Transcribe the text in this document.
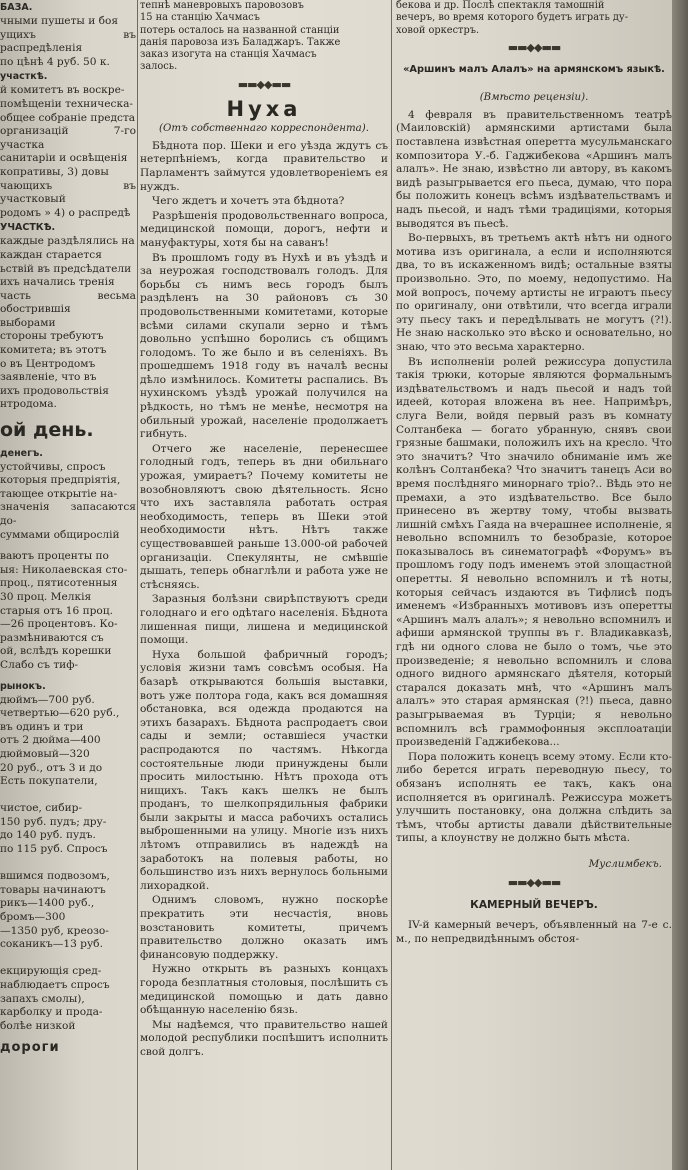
БАЗА.
чными пушеты и боя
ущихъ въ распредѣленія
по цѣнѣ 4 руб. 50 к.
участкѣ.
й комитетъ въ воскре-
помѣщеніи техническа-
общее собраніе предста
организацій 7-го участка
санитаріи и освѣщенія
копративы, 3) довы
чающихъ въ участковый
родомъ » 4) о распредѣ
УЧАСТКѢ.
каждые раздѣлялись на
каждан старается
ьствій въ предсѣдатели
ихъ начались тренія
часть весьма обострившія
выборами
стороны требуютъ
комитета; въ этотъ
о въ Центродомъ
заявленіе, что въ
ихъ продовольствія
нтродома.
ой день.
денегъ.
устойчивы, спросъ
которыя предпріятія,
тающее открытіе на-
значенія запасаются до-
суммами общирослій
ваютъ проценты по
ыя: Николаевская сто-
проц., пятисотенныя
30 проц. Мелкія
старыя отъ 16 проц.
—26 процентовъ. Ко-
размѣниваются съ
ой, вслѣдъ корешки
Слабо съ тиф-
рынокъ.
дюймъ—700 руб.
четвертью—620 руб.,
въ одинъ и три
отъ 2 дюйма—400
дюймовый—320
20 руб., отъ 3 и до
Есть покупатели,

чистое, сибир-
150 руб. пудъ; дру-
до 140 руб. пудъ.
по 115 руб. Спросъ

вшимся подвозомъ,
товары начинаютъ
рикъ—1400 руб.,
бромъ—300
—1350 руб, креозо-
соканикъ—13 руб.

екцирующія сред-
наблюдаетъ спросъ
запахъ смолы),
карболку и прода-
болѣе низкой
дороги
тепнѣ маневровыхъ паровозовъ
15 на станцію Хачмасъ
потерь осталось на названной станціи
данія паровоза изъ Баладжаръ. Также
заказ изогута на станція Хачмасъ
залось.
▬▬◆◆▬▬
Нуха
(Отъ собственнаго корреспондента).

Бѣднота пор. Шеки и его уѣзда ждутъ съ нетерпѣніемъ, когда правительство и Парламентъ займутся удовлетвореніемъ ея нуждъ.

Чего ждетъ и хочетъ эта бѣднота?

Разрѣшенія продовольственнаго вопроса, медицинской помощи, дорогъ, нефти и мануфактуры, хотя бы на саванъ!

Въ прошломъ году въ Нухѣ и въ уѣздѣ и за неурожая господствовалъ голодъ. Для борьбы съ нимъ весь городъ былъ раздѣленъ на 30 районовъ съ 30 продовольственными комитетами, которые всѣми силами скупали зерно и тѣмъ довольно успѣшно боролись съ общимъ голодомъ. То же было и въ селеніяхъ. Въ прошедшемъ 1918 году въ началѣ весны дѣло измѣнилось. Комитеты распались. Въ нухинскомъ уѣздѣ урожай получился на рѣдкость, но тѣмъ не менѣе, несмотря на обильный урожай, населеніе продолжаетъ гибнуть.

Отчего же населеніе, перенесшее голодный годъ, теперь въ дни обильнаго урожая, умираетъ? Почему комитеты не возобновляютъ свою дѣятельность. Ясно что ихъ заставляла работать острая необходимость, теперь въ Шеки этой необходимости нѣтъ. Нѣтъ также существовавшей раньше 13.000-ой рабочей организаціи. Спекулянты, не смѣвшіе дышать, теперь обнаглѣли и работа уже не стѣсняясь.

Заразныя болѣзни свирѣпствуютъ среди голоднаго и его одѣтаго населенія. Бѣднота лишенная пищи, лишена и медицинской помощи.

Нуха большой фабричный городъ; условія жизни тамъ совсѣмъ особыя. На базарѣ открываются большія выставки, вотъ уже полтора года, какъ вся домашняя обстановка, вся одежда продаются на этихъ базарахъ. Бѣднота распродаетъ свои сады и земли; оставшіеся участки распродаются по частямъ. Нѣкогда состоятельные люди принуждены были просить милостыню. Нѣтъ прохода отъ нищихъ. Такъ какъ шелкъ не былъ проданъ, то шелкопрядильныя фабрики были закрыты и масса рабочихъ остались выброшенными на улицу. Многіе изъ нихъ лѣтомъ отправились въ надеждѣ на заработокъ на полевыя работы, но большинство изъ нихъ вернулось больными лихорадкой.

Однимъ словомъ, нужно поскорѣе прекратить эти несчастія, вновь возстановить комитеты, причемъ правительство должно оказать имъ финансовую поддержку.

Нужно открыть въ разныхъ концахъ города безплатныя столовыя, послѣшить съ медицинской помощью и дать давно обѣщанную населенію бязь.

Мы надѣемся, что правительство нашей молодой республики поспѣшитъ исполнить свой долгъ.

бекова и др. Послѣ спектакля тамошній
вечеръ, во время которого будетъ играть ду-
ховой оркестръ.
▬▬◆◆▬▬
«Аршинъ малъ Алалъ» на армянскомъ языкѣ.
(Вмѣсто рецензіи).

4 февраля въ правительственномъ театрѣ (Маиловскій) армянскими артистами была поставлена извѣстная оперетта мусульманскаго композитора У.-б. Гаджибекова «Аршинъ малъ алалъ». Не знаю, извѣстно ли автору, въ какомъ видѣ разыгрывается его пьеса, думаю, что пора бы положить конецъ всѣмъ издѣвательствамъ и надъ пьесой, и надъ тѣми традиціями, которыя выводятся въ пьесѣ.

Во-первыхъ, въ третьемъ актѣ нѣтъ ни одного мотива изъ оригинала, а если и исполняются два, то въ искаженномъ видѣ; остальные взяты произвольно. Это, по моему, недопустимо. На мой вопросъ, почему артисты не играютъ пьесу по оригиналу, они отвѣтили, что всегда играли эту пьесу такъ и передѣлывать не могутъ (?!). Не знаю насколько это вѣско и основательно, но знаю, что это весьма характерно.

Въ исполненіи ролей режиссура допустила такія трюки, которые являются формальнымъ издѣвательствомъ и надъ пьесой и надъ той идеей, которая вложена въ нее. Напримѣръ, слуга Вели, войдя первый разъ въ комнату Солтанбека — богато убранную, снявъ свои грязные башмаки, положилъ ихъ на кресло. Что это значитъ? Что значило обниманіе имъ же колѣнъ Солтанбека? Что значитъ танецъ Аси во время послѣдняго минорнаго тріо?.. Вѣдь это не премахи, а это издѣвательство. Все было принесено въ жертву тому, чтобы вызвать лишній смѣхъ Гаяда на вчерашнее исполненіе, я невольно вспомнилъ то безобразіе, которое показывалось въ синематографѣ «Форумъ» въ прошломъ году подъ именемъ этой злощастной оперетты. Я невольно вспомнилъ и тѣ ноты, которыя сейчасъ издаются въ Тифлисѣ подъ именемъ «Избранныхъ мотивовъ изъ оперетты «Аршинъ малъ алалъ»; я невольно вспомнилъ и афиши армянской труппы въ г. Владикавказѣ, гдѣ ни одного слова не было о томъ, чье это произведеніе; я невольно вспомнилъ и слова одного видного армянскаго дѣятеля, который старался доказать мнѣ, что «Аршинъ малъ алалъ» это старая армянская (?!) пьеса, давно разыгрываемая въ Турціи; я невольно вспомнилъ всѣ граммофонныя эксплоатаціи произведеній Гаджибекова...

Пора положить конецъ всему этому. Если кто-либо берется играть переводную пьесу, то обязанъ исполнять ее такъ, какъ она исполняется въ оригиналѣ. Режиссура можетъ улучшить постановку, она должна слѣдить за тѣмъ, чтобы артисты давали дѣйствительные типы, а клоунству не должно быть мѣста.

Муслимбекъ.
▬▬◆◆▬▬
КАМЕРНЫЙ ВЕЧЕРЪ.

IV-й камерный вечеръ, объявленный на 7-е с. м., по непредвидѣннымъ обстоя-
